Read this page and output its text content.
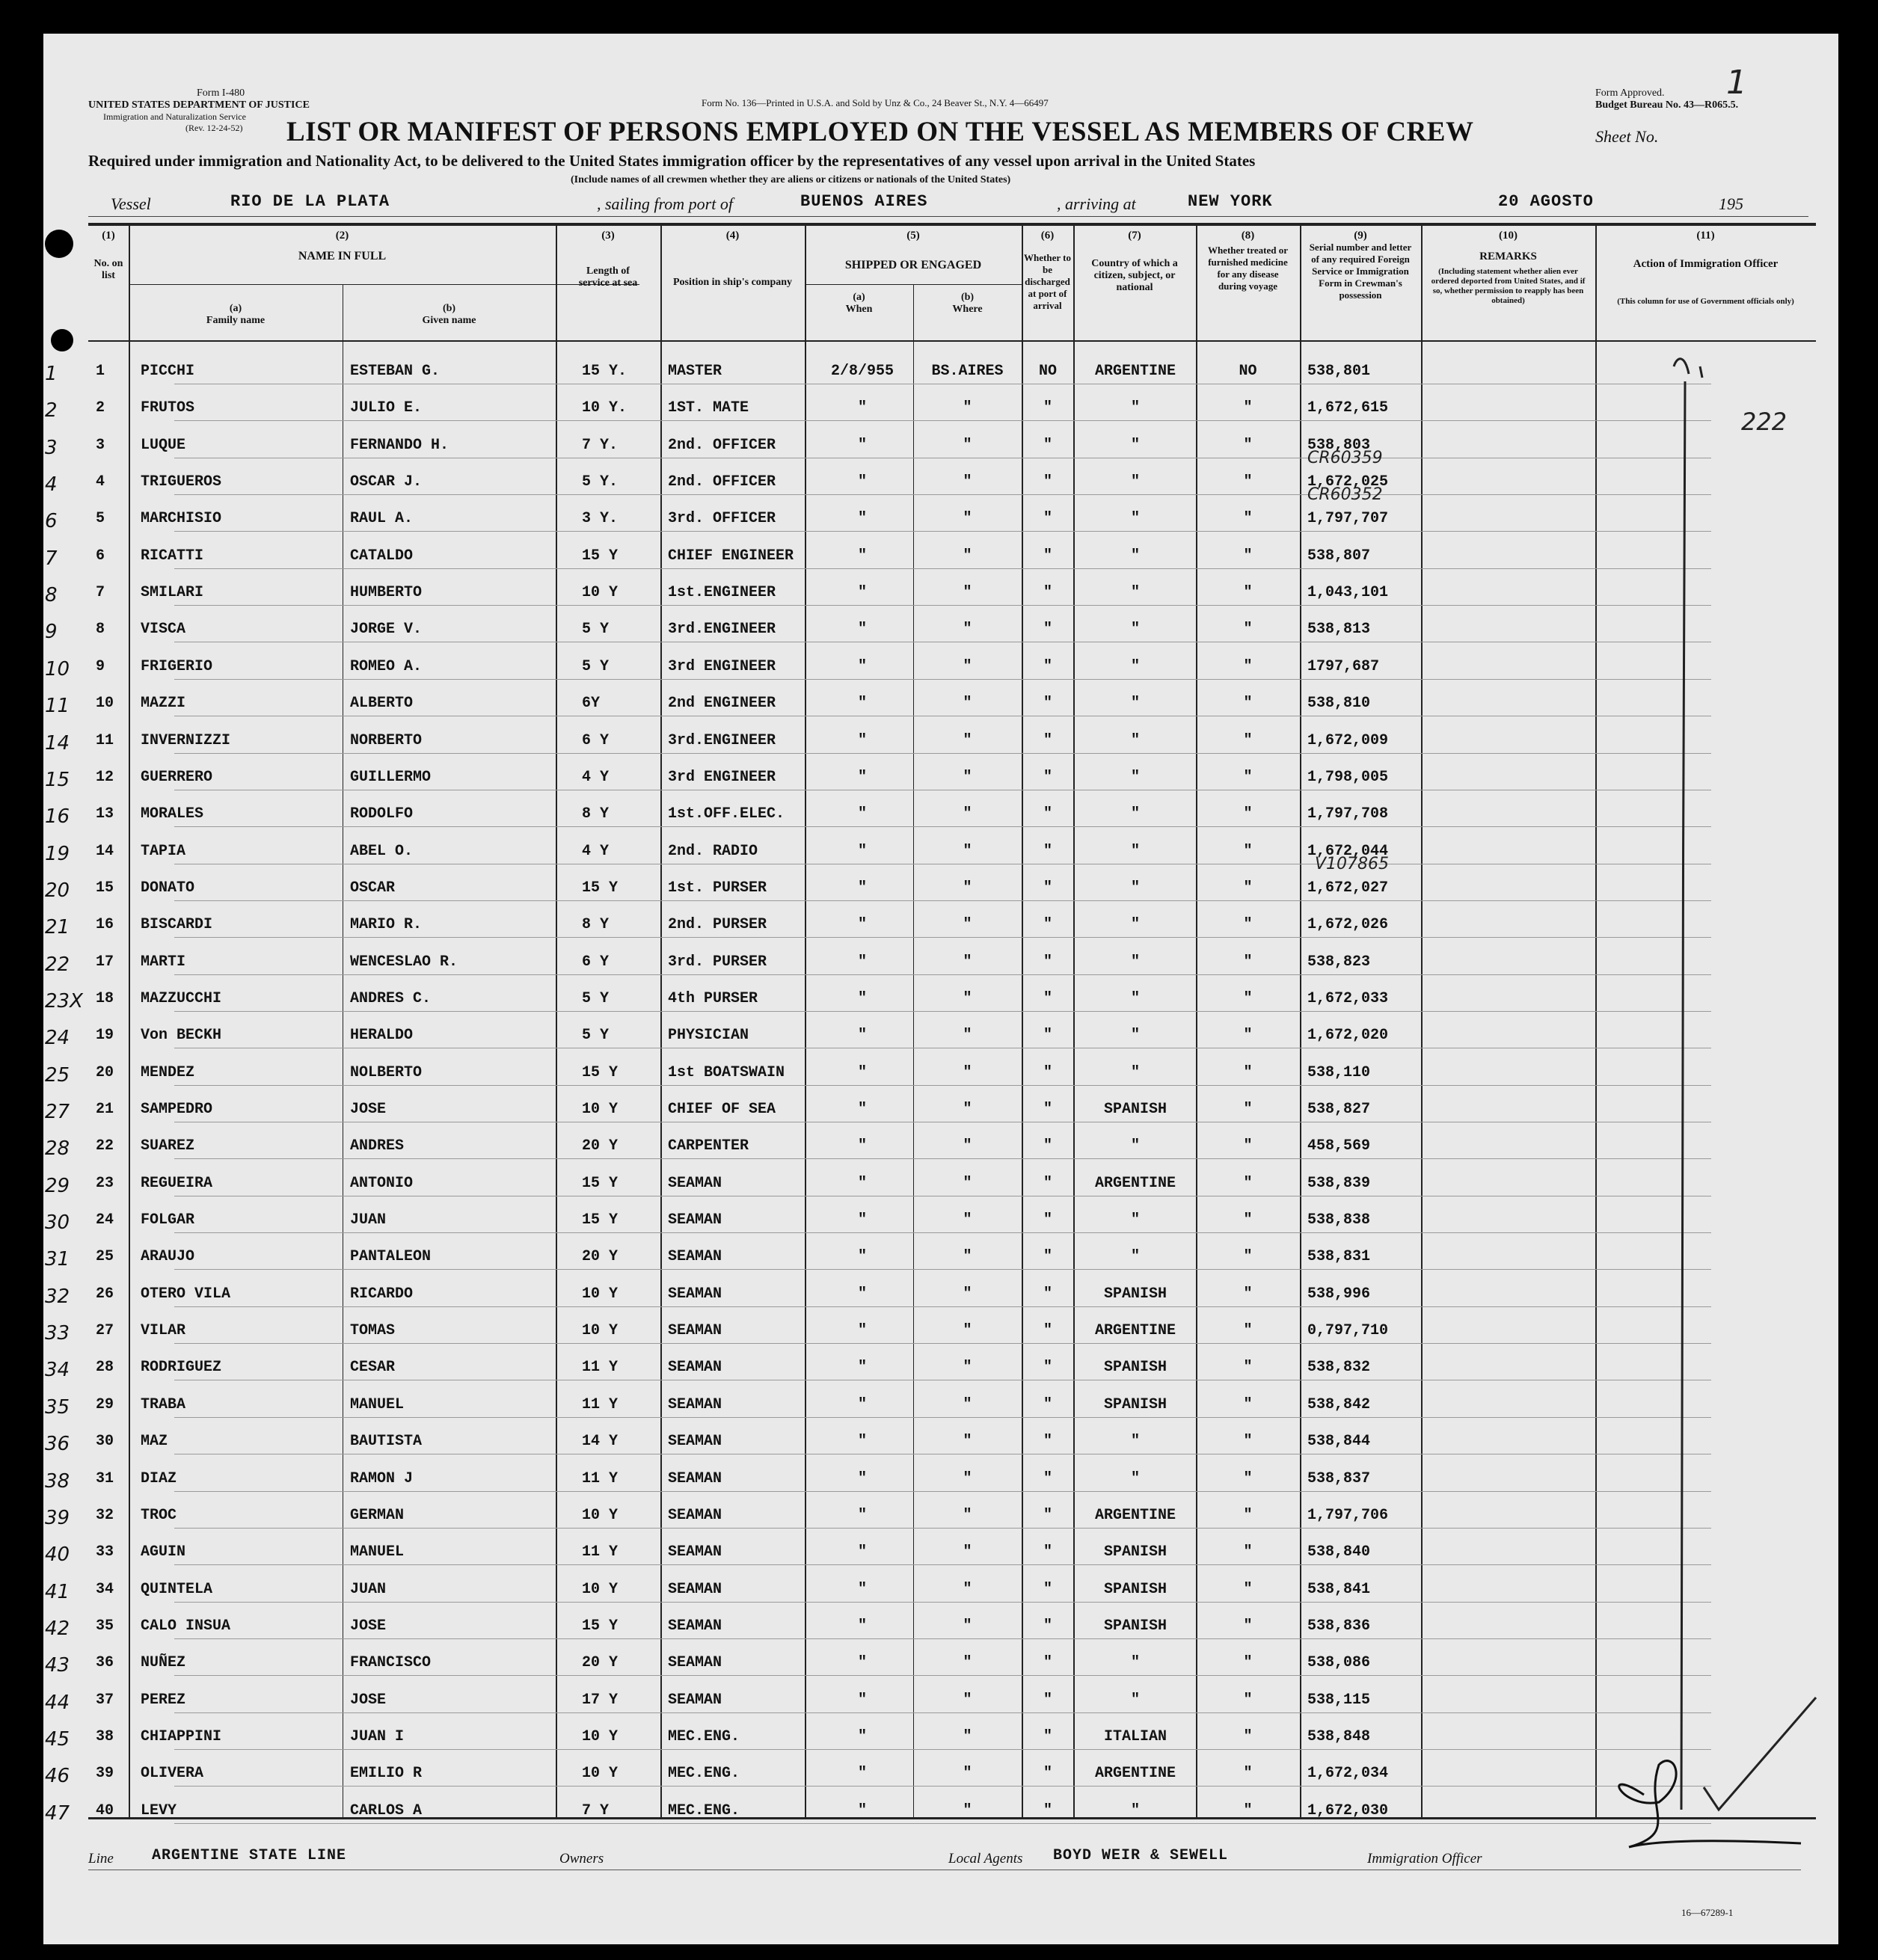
Form I-480
UNITED STATES DEPARTMENT OF JUSTICE
Immigration and Naturalization Service
(Rev. 12-24-52)
Form No. 136—Printed in U.S.A. and Sold by Unz & Co., 24 Beaver St., N.Y. 4—66497
Form Approved.
Budget Bureau No. 43—R065.5.
Sheet No.
1
LIST OR MANIFEST OF PERSONS EMPLOYED ON THE VESSEL AS MEMBERS OF CREW
Required under immigration and Nationality Act, to be delivered to the United States immigration officer by the representatives of any vessel upon arrival in the United States
(Include names of all crewmen whether they are aliens or citizens or nationals of the United States)
Vessel	RIO DE LA PLATA	, sailing from port of	BUENOS AIRES	, arriving at	NEW YORK	20 AGOSTO	195
(1)
No. on list
(2)
NAME IN FULL
(a)
Family name
(b)
Given name
(3)
Length of service at sea
(4)
Position in ship's company
(5)
SHIPPED OR ENGAGED
(a)
When
(b)
Where
(6)
Whether to be discharged at port of arrival
(7)
Country of which a citizen, subject, or national
(8)
Whether treated or furnished medicine for any disease during voyage
(9)
Serial number and letter of any required Foreign Service or Immigration Form in Crewman's possession
(10)
REMARKS
(Including statement whether alien ever ordered deported from United States, and if so, whether permission to reapply has been obtained)
(11)
Action of Immigration Officer
(This column for use of Government officials only)
1	1 PICCHI	ESTEBAN G.	15 Y.	MASTER	2/8/955	BS.AIRES	NO	ARGENTINE	NO	538,801
2	2 FRUTOS	JULIO E.	10 Y.	1ST. MATE	"	"	"	"	"	1,672,615
3	3 LUQUE	FERNANDO H.	7 Y.	2nd. OFFICER	"	"	"	"	"	538,803
4	4 TRIGUEROS	OSCAR J.	5 Y.	2nd. OFFICER	"	"	"	"	"	1,672,025
6	5 MARCHISIO	RAUL A.	3 Y.	3rd. OFFICER	"	"	"	"	"	1,797,707
7	6 RICATTI	CATALDO	15 Y	CHIEF ENGINEER	"	"	"	"	"	538,807
8	7 SMILARI	HUMBERTO	10 Y	1st.ENGINEER	"	"	"	"	"	1,043,101
9	8 VISCA	JORGE V.	5 Y	3rd.ENGINEER	"	"	"	"	"	538,813
10 9 FRIGERIO	ROMEO A.	5 Y	3rd ENGINEER	"	"	"	"	"	1797,687
11 10 MAZZI	ALBERTO	6Y	2nd ENGINEER	"	"	"	"	"	538,810
14 11 INVERNIZZI	NORBERTO	6 Y	3rd.ENGINEER	"	"	"	"	"	1,672,009
15 12 GUERRERO	GUILLERMO	4 Y	3rd ENGINEER	"	"	"	"	"	1,798,005
16 13 MORALES	RODOLFO	8 Y	1st.OFF.ELEC.	"	"	"	"	"	1,797,708
19 14 TAPIA	ABEL O.	4 Y	2nd. RADIO	"	"	"	"	"	1,672,044
20 15 DONATO	OSCAR	15 Y	1st. PURSER	"	"	"	"	"	1,672,027
21 16 BISCARDI	MARIO R.	8 Y	2nd. PURSER	"	"	"	"	"	1,672,026
22 17 MARTI	WENCESLAO R.	6 Y	3rd. PURSER	"	"	"	"	"	538,823
23X 18 MAZZUCCHI	ANDRES C.	5 Y	4th PURSER	"	"	"	"	"	1,672,033
24 19 Von BECKH	HERALDO	5 Y	PHYSICIAN	"	"	"	"	"	1,672,020
25 20 MENDEZ	NOLBERTO	15 Y	1st BOATSWAIN	"	"	"	"	"	538,110
27 21 SAMPEDRO	JOSE	10 Y	CHIEF OF SEA	"	"	"	SPANISH	"	538,827
28 22 SUAREZ	ANDRES	20 Y	CARPENTER	"	"	"	"	"	458,569
29 23 REGUEIRA	ANTONIO	15 Y	SEAMAN	"	"	"	ARGENTINE	"	538,839
30 24 FOLGAR	JUAN	15 Y	SEAMAN	"	"	"	"	"	538,838
31 25 ARAUJO	PANTALEON	20 Y	SEAMAN	"	"	"	"	"	538,831
32 26 OTERO VILA	RICARDO	10 Y	SEAMAN	"	"	"	SPANISH	"	538,996
33 27 VILAR	TOMAS	10 Y	SEAMAN	"	"	"	ARGENTINE	"	0,797,710
34 28 RODRIGUEZ	CESAR	11 Y	SEAMAN	"	"	"	SPANISH	"	538,832
35 29 TRABA	MANUEL	11 Y	SEAMAN	"	"	"	SPANISH	"	538,842
36 30 MAZ	BAUTISTA	14 Y	SEAMAN	"	"	"	"	"	538,844
38 31 DIAZ	RAMON J	11 Y	SEAMAN	"	"	"	"	"	538,837
39 32 TROC	GERMAN	10 Y	SEAMAN	"	"	"	ARGENTINE	"	1,797,706
40 33 AGUIN	MANUEL	11 Y	SEAMAN	"	"	"	SPANISH	"	538,840
41 34 QUINTELA	JUAN	10 Y	SEAMAN	"	"	"	SPANISH	"	538,841
42 35 CALO INSUA	JOSE	15 Y	SEAMAN	"	"	"	SPANISH	"	538,836
43 36 NUÑEZ	FRANCISCO	20 Y	SEAMAN	"	"	"	"	"	538,086
44 37 PEREZ	JOSE	17 Y	SEAMAN	"	"	"	"	"	538,115
45 38 CHIAPPINI	JUAN I	10 Y	MEC.ENG.	"	"	"	ITALIAN	"	538,848
46 39 OLIVERA	EMILIO R	10 Y	MEC.ENG.	"	"	"	ARGENTINE	"	1,672,034
47 40 LEVY	CARLOS A	7 Y	MEC.ENG.	"	"	"	"	"	1,672,030
222
CR60359
CR60352
V107865
Line	ARGENTINE STATE LINE	Owners	Local Agents BOYD WEIR & SEWELL	Immigration Officer
16—67289-1
